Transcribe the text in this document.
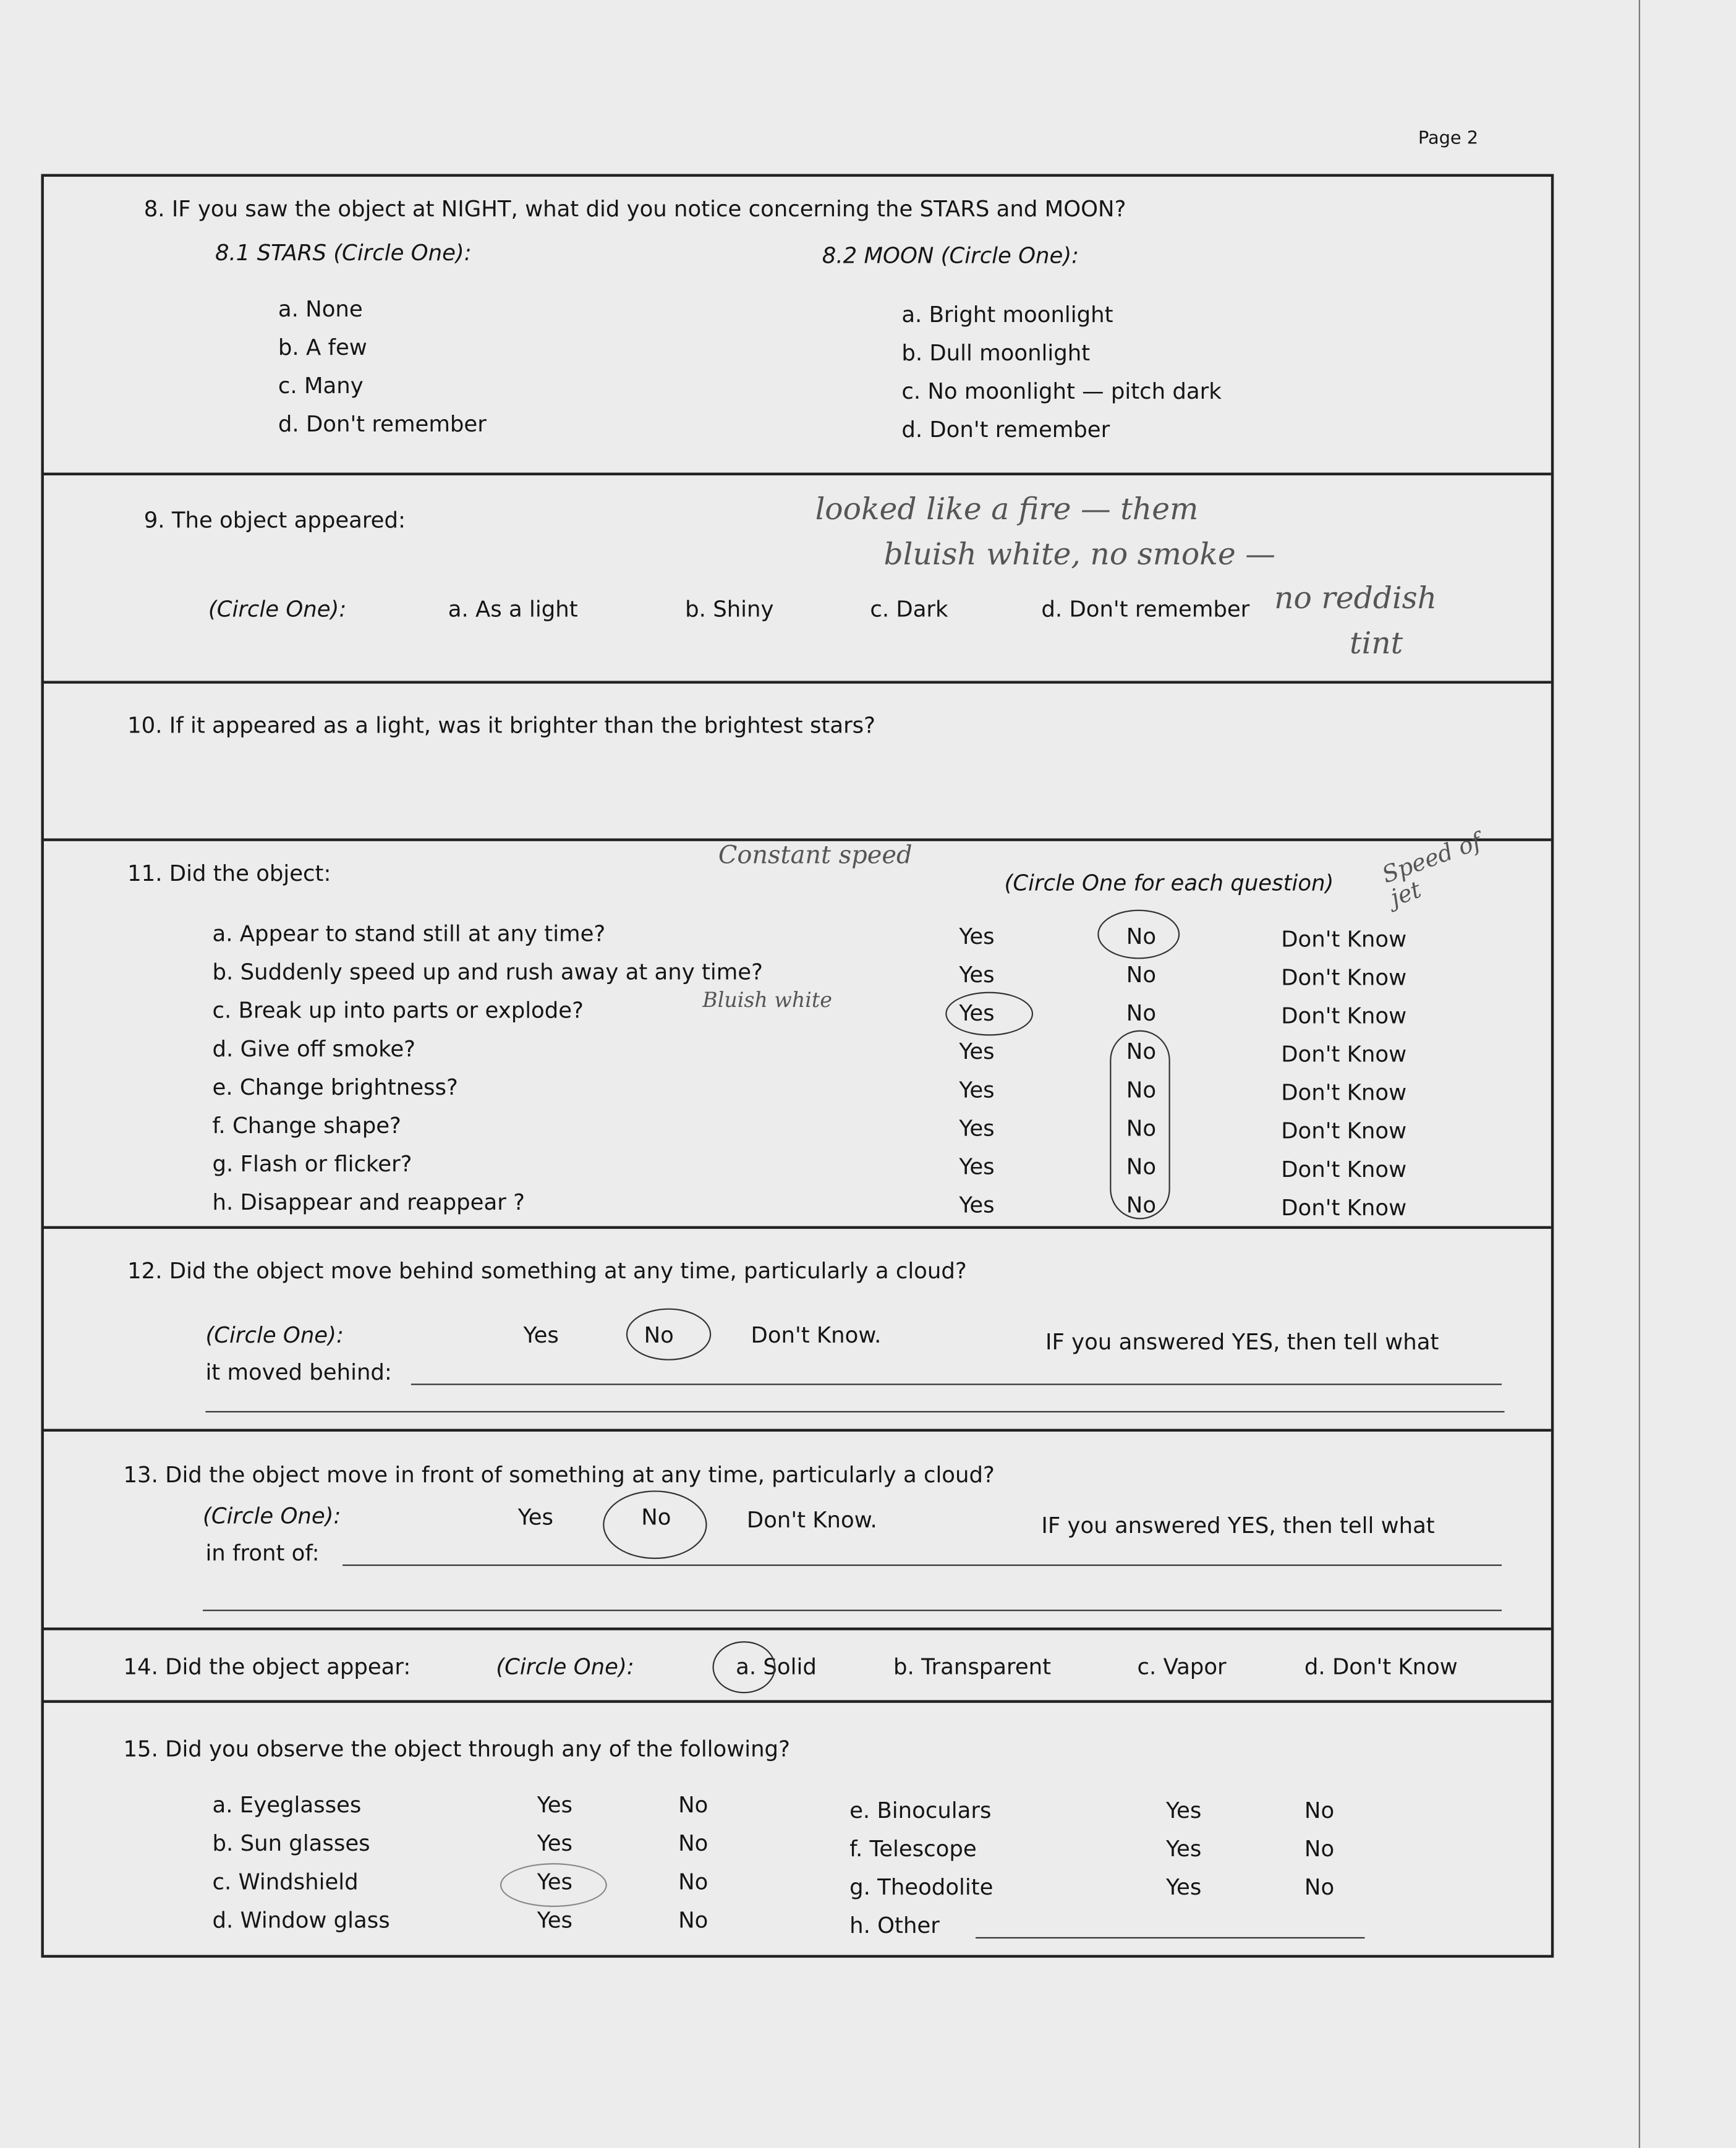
Page 2
8. IF you saw the object at NIGHT, what did you notice concerning the STARS and MOON?
8.1 STARS (Circle One):	8.2 MOON (Circle One):
a. None
b. A few
c. Many
d. Don't remember
a. Bright moonlight
b. Dull moonlight
c. No moonlight — pitch dark
d. Don't remember
9. The object appeared:
(Circle One):	a. As a light	b. Shiny	c. Dark	d. Don't remember
looked like a fire — them
bluish white, no smoke —
no reddish
tint
10. If it appeared as a light, was it brighter than the brightest stars?
11. Did the object:	(Circle One for each question)
Constant speed	Speed of jet
Bluish white
a. Appear to stand still at any time?	Yes	No	Don't Know
b. Suddenly speed up and rush away at any time?	Yes	No	Don't Know
c. Break up into parts or explode?	Yes	No	Don't Know
d. Give off smoke?	Yes	No	Don't Know
e. Change brightness?	Yes	No	Don't Know
f. Change shape?	Yes	No	Don't Know
g. Flash or flicker?	Yes	No	Don't Know
h. Disappear and reappear ?	Yes	No	Don't Know
12. Did the object move behind something at any time, particularly a cloud?
(Circle One):	Yes	No	Don't Know.	IF you answered YES, then tell what
it moved behind:
13. Did the object move in front of something at any time, particularly a cloud?
(Circle One):	Yes	No	Don't Know.	IF you answered YES, then tell what
in front of:
14. Did the object appear:	(Circle One):	a. Solid	b. Transparent	c. Vapor	d. Don't Know
15. Did you observe the object through any of the following?
a. Eyeglasses	Yes	No
b. Sun glasses	Yes	No
c. Windshield	Yes	No
d. Window glass	Yes	No
e. Binoculars	Yes	No
f. Telescope	Yes	No
g. Theodolite	Yes	No
h. Other
